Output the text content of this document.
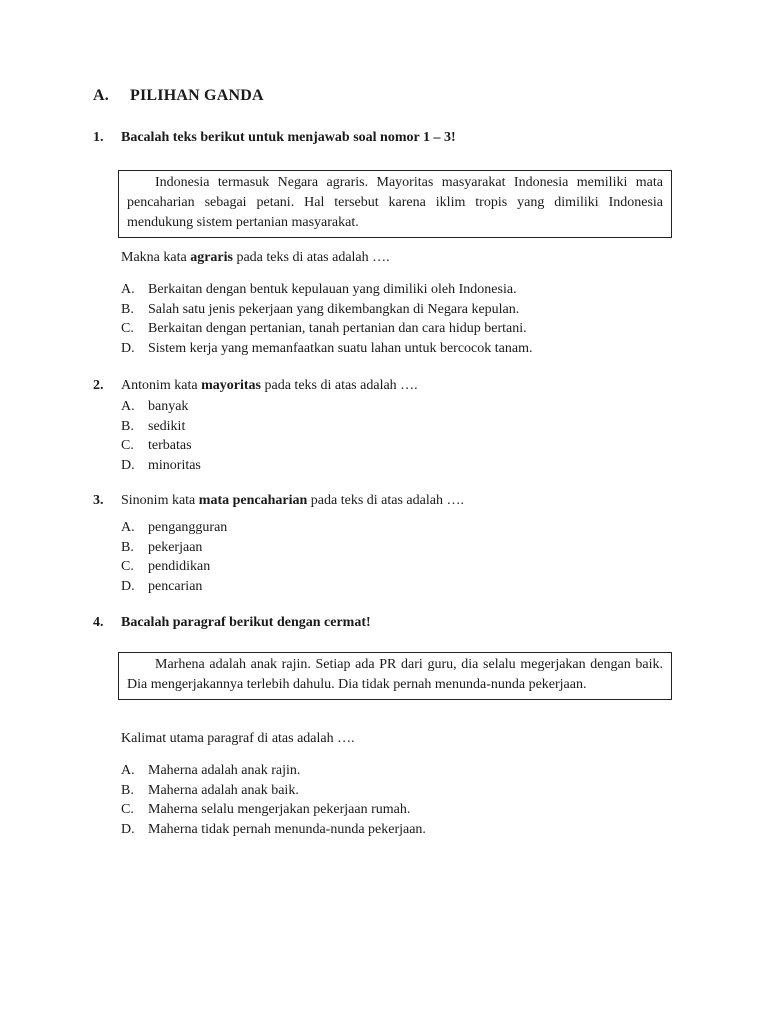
A. PILIHAN GANDA
1. Bacalah teks berikut untuk menjawab soal nomor 1 – 3!

Indonesia termasuk Negara agraris. Mayoritas masyarakat Indonesia memiliki mata pencaharian sebagai petani. Hal tersebut karena iklim tropis yang dimiliki Indonesia mendukung sistem pertanian masyarakat.

Makna kata agraris pada teks di atas adalah ….
A. Berkaitan dengan bentuk kepulauan yang dimiliki oleh Indonesia.
B. Salah satu jenis pekerjaan yang dikembangkan di Negara kepulan.
C. Berkaitan dengan pertanian, tanah pertanian dan cara hidup bertani.
D. Sistem kerja yang memanfaatkan suatu lahan untuk bercocok tanam.
2. Antonim kata mayoritas pada teks di atas adalah ….
A. banyak
B. sedikit
C. terbatas
D. minoritas
3. Sinonim kata mata pencaharian pada teks di atas adalah ….
A. pengangguran
B. pekerjaan
C. pendidikan
D. pencarian
4. Bacalah paragraf berikut dengan cermat!

Marhena adalah anak rajin. Setiap ada PR dari guru, dia selalu megerjakan dengan baik. Dia mengerjakannya terlebih dahulu. Dia tidak pernah menunda-nunda pekerjaan.

Kalimat utama paragraf di atas adalah ….
A. Maherna adalah anak rajin.
B. Maherna adalah anak baik.
C. Maherna selalu mengerjakan pekerjaan rumah.
D. Maherna tidak pernah menunda-nunda pekerjaan.
